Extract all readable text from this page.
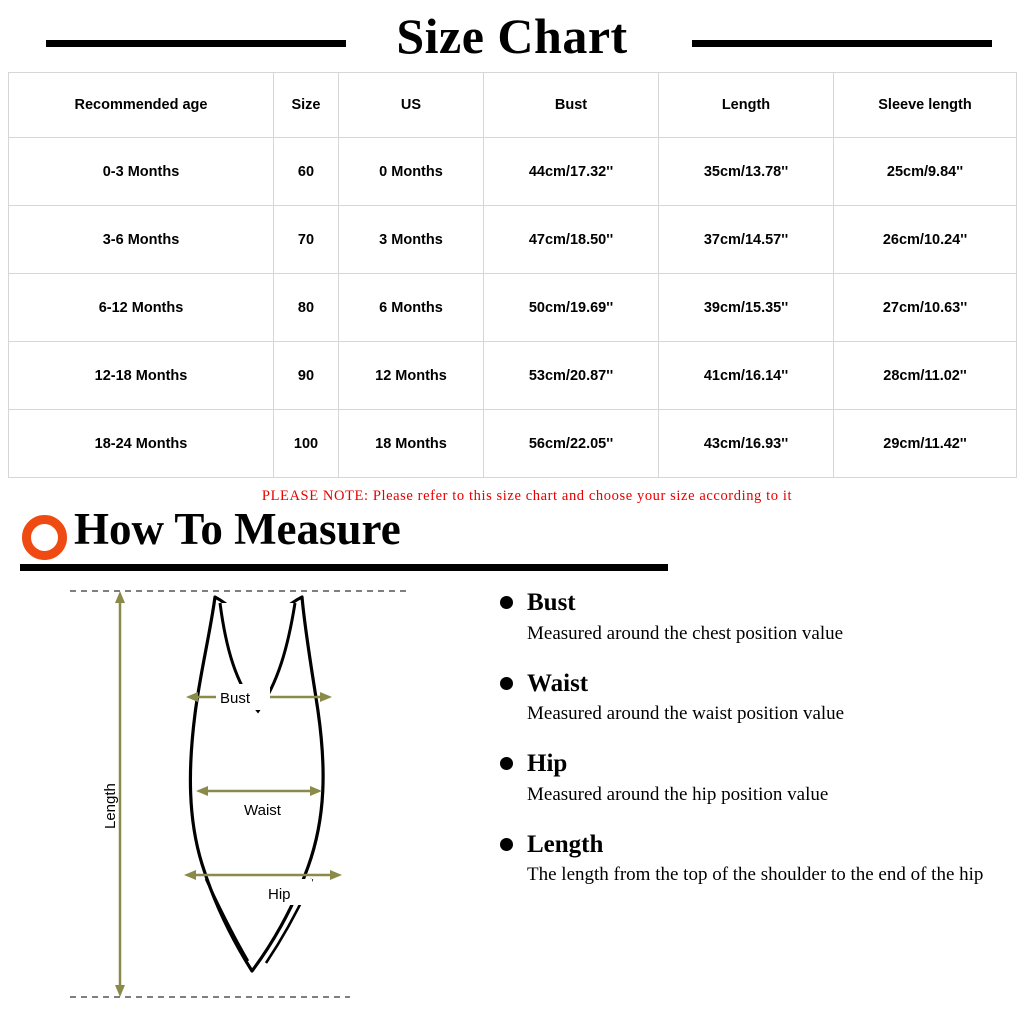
Size Chart
Recommended age	Size	US	Bust	Length	Sleeve length
0-3 Months	60	0 Months	44cm/17.32''	35cm/13.78''	25cm/9.84''
3-6 Months	70	3 Months	47cm/18.50''	37cm/14.57''	26cm/10.24''
6-12 Months	80	6 Months	50cm/19.69''	39cm/15.35''	27cm/10.63''
12-18 Months	90	12 Months	53cm/20.87''	41cm/16.14''	28cm/11.02''
18-24 Months	100	18 Months	56cm/22.05''	43cm/16.93''	29cm/11.42''
PLEASE NOTE: Please refer to this size chart and choose your size according to it
How To Measure
Bust
Waist
Hip
Length
Bust
Measured around the chest position value
Waist
Measured around the waist position value
Hip
Measured around the hip position value
Length
The length from the top of the shoulder to the end of the hip
